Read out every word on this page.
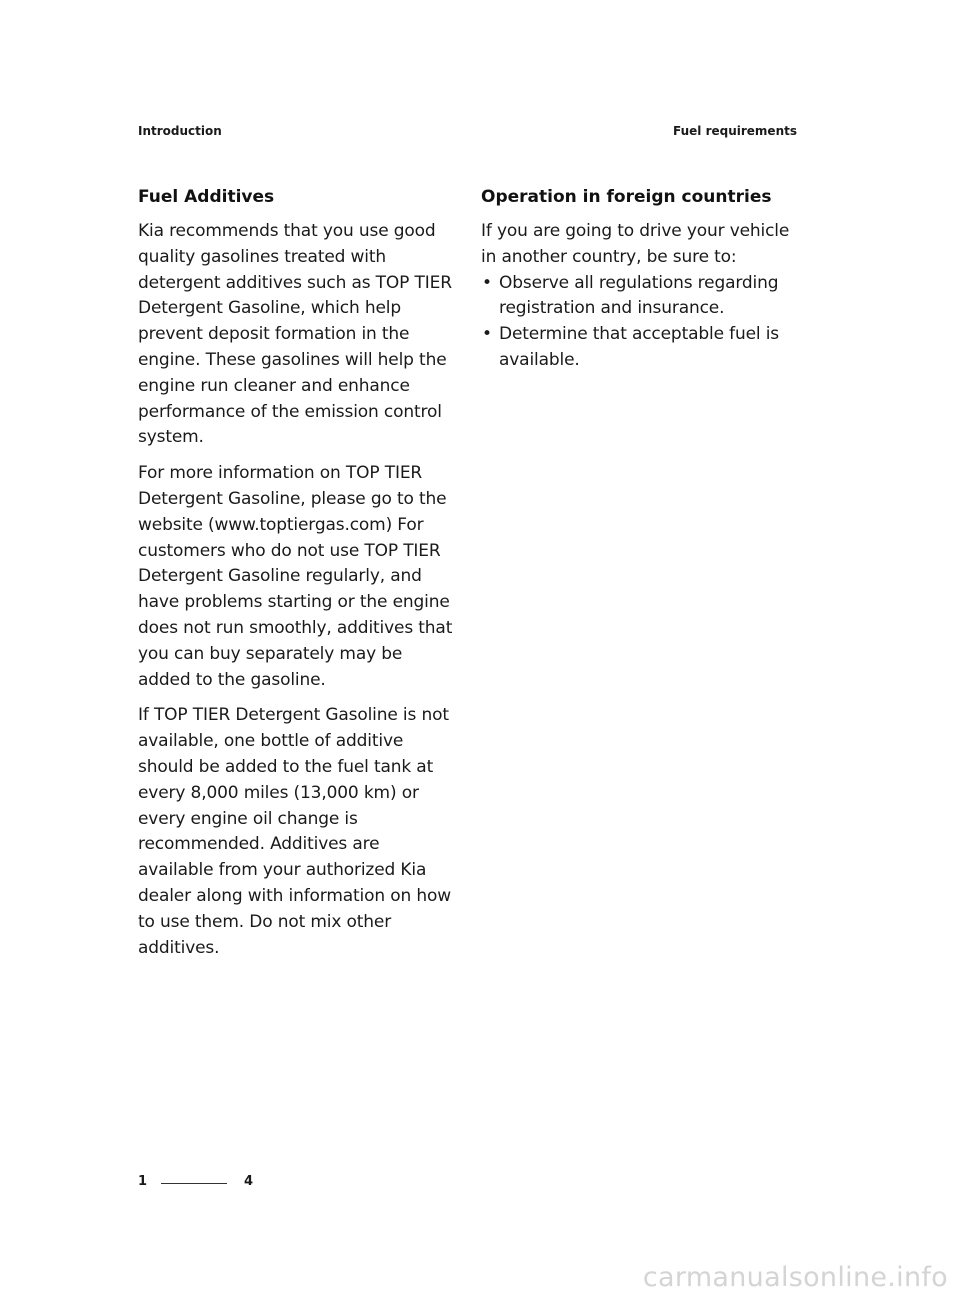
Introduction	Fuel requirements
Fuel Additives

Kia recommends that you use good quality gasolines treated with detergent additives such as TOP TIER Detergent Gasoline, which help prevent deposit formation in the engine. These gasolines will help the engine run cleaner and enhance performance of the emission control system.

For more information on TOP TIER Detergent Gasoline, please go to the website (www.toptiergas.com) For customers who do not use TOP TIER Detergent Gasoline regularly, and have problems starting or the engine does not run smoothly, additives that you can buy separately may be added to the gasoline.

If TOP TIER Detergent Gasoline is not available, one bottle of additive should be added to the fuel tank at every 8,000 miles (13,000 km) or every engine oil change is recommended. Additives are available from your authorized Kia dealer along with information on how to use them. Do not mix other additives.

Operation in foreign countries

If you are going to drive your vehicle in another country, be sure to:

• Observe all regulations regarding registration and insurance.
• Determine that acceptable fuel is available.
1	4
carmanualsonline.info
